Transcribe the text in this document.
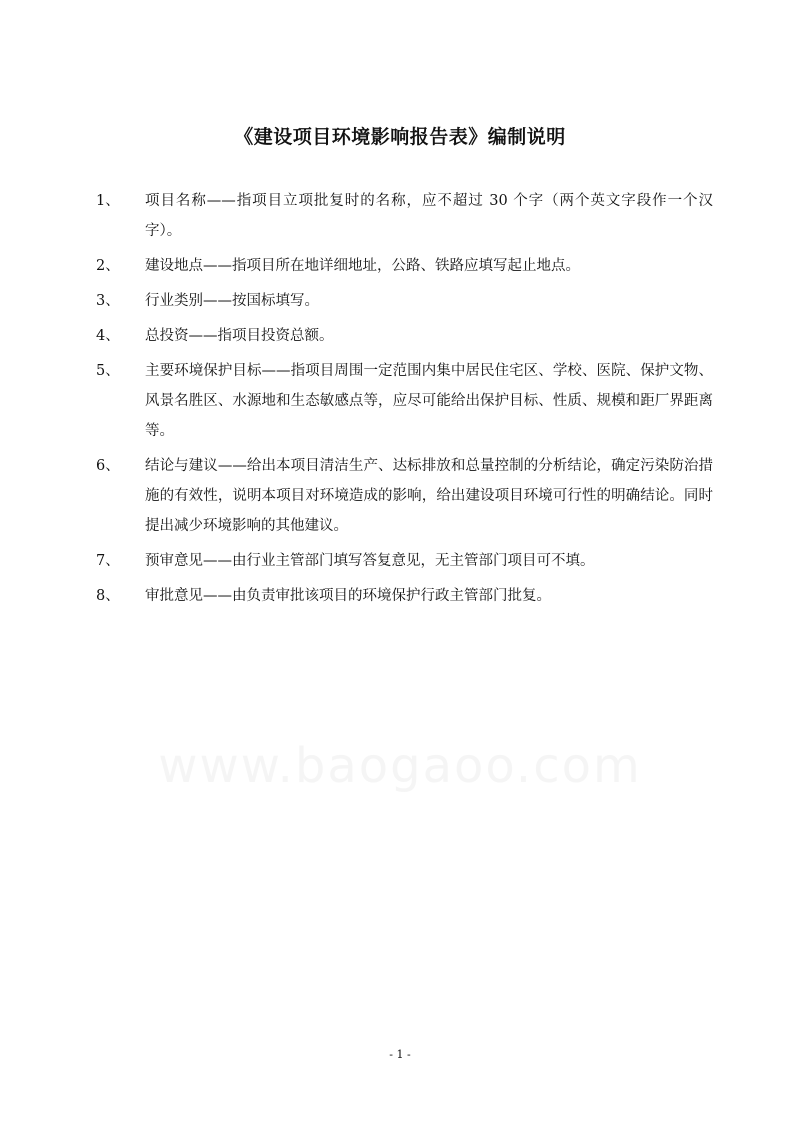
《建设项目环境影响报告表》编制说明
1、 项目名称——指项目立项批复时的名称，应不超过 30 个字（两个英文字段作一个汉字）。
2、 建设地点——指项目所在地详细地址，公路、铁路应填写起止地点。
3、 行业类别——按国标填写。
4、 总投资——指项目投资总额。
5、 主要环境保护目标——指项目周围一定范围内集中居民住宅区、学校、医院、保护文物、风景名胜区、水源地和生态敏感点等，应尽可能给出保护目标、性质、规模和距厂界距离等。
6、 结论与建议——给出本项目清洁生产、达标排放和总量控制的分析结论，确定污染防治措施的有效性，说明本项目对环境造成的影响，给出建设项目环境可行性的明确结论。同时提出减少环境影响的其他建议。
7、 预审意见——由行业主管部门填写答复意见，无主管部门项目可不填。
8、 审批意见——由负责审批该项目的环境保护行政主管部门批复。
www.baogaoo.com
- 1 -
